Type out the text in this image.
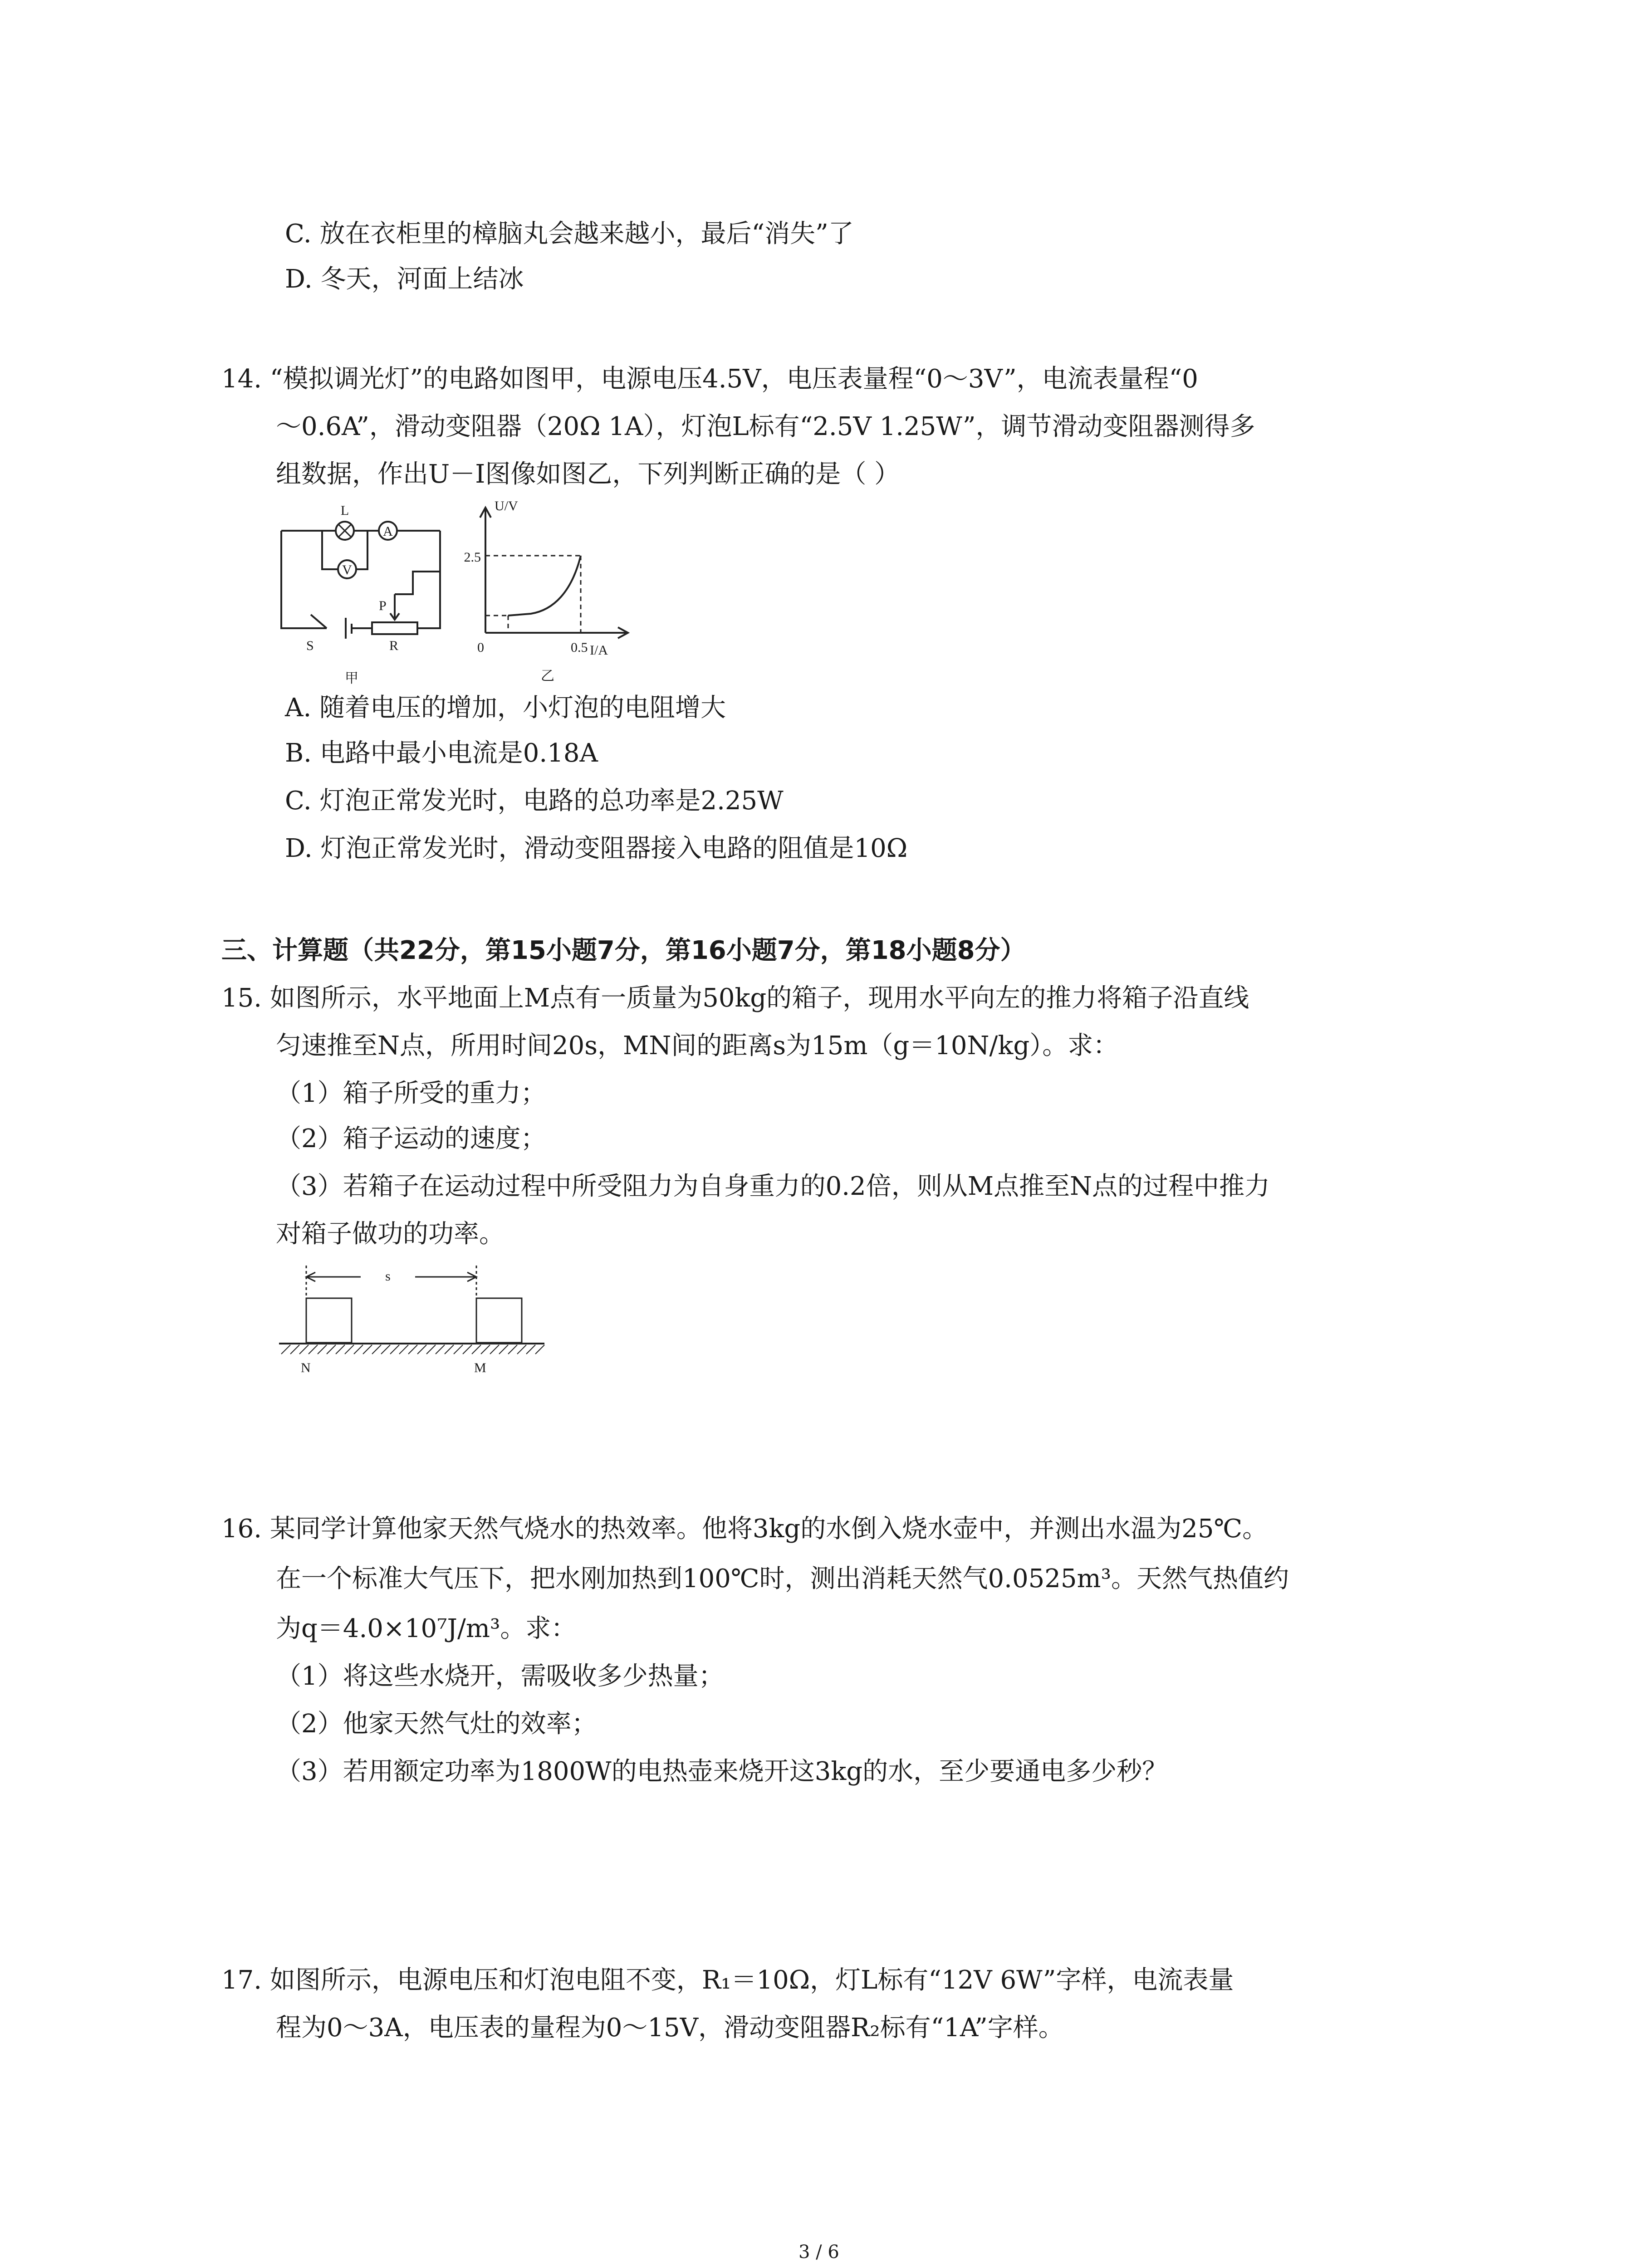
C. 放在衣柜里的樟脑丸会越来越小，最后“消失”了
D. 冬天，河面上结冰
14. “模拟调光灯”的电路如图甲，电源电压4.5V，电压表量程“0～3V”，电流表量程“0
～0.6A”，滑动变阻器（20Ω 1A），灯泡L标有“2.5V 1.25W”，调节滑动变阻器测得多
组数据，作出U－I图像如图乙，下列判断正确的是（ ）
L
A
V
S
P
R
甲
U/V
2.5
0	0.5 I/A
乙
A. 随着电压的增加，小灯泡的电阻增大
B. 电路中最小电流是0.18A
C. 灯泡正常发光时，电路的总功率是2.25W
D. 灯泡正常发光时，滑动变阻器接入电路的阻值是10Ω
三、计算题（共22分，第15小题7分，第16小题7分，第18小题8分）
15. 如图所示，水平地面上M点有一质量为50kg的箱子，现用水平向左的推力将箱子沿直线
匀速推至N点，所用时间20s，MN间的距离s为15m（g＝10N/kg）。求：
（1）箱子所受的重力；
（2）箱子运动的速度；
（3）若箱子在运动过程中所受阻力为自身重力的0.2倍，则从M点推至N点的过程中推力
对箱子做功的功率。
s
N	M
16. 某同学计算他家天然气烧水的热效率。他将3kg的水倒入烧水壶中，并测出水温为25℃。
在一个标准大气压下，把水刚加热到100℃时，测出消耗天然气0.0525m³。天然气热值约
为q＝4.0×10⁷J/m³。求：
（1）将这些水烧开，需吸收多少热量；
（2）他家天然气灶的效率；
（3）若用额定功率为1800W的电热壶来烧开这3kg的水，至少要通电多少秒？
17. 如图所示，电源电压和灯泡电阻不变，R₁＝10Ω，灯L标有“12V 6W”字样，电流表量
程为0～3A，电压表的量程为0～15V，滑动变阻器R₂标有“1A”字样。
3 / 6
